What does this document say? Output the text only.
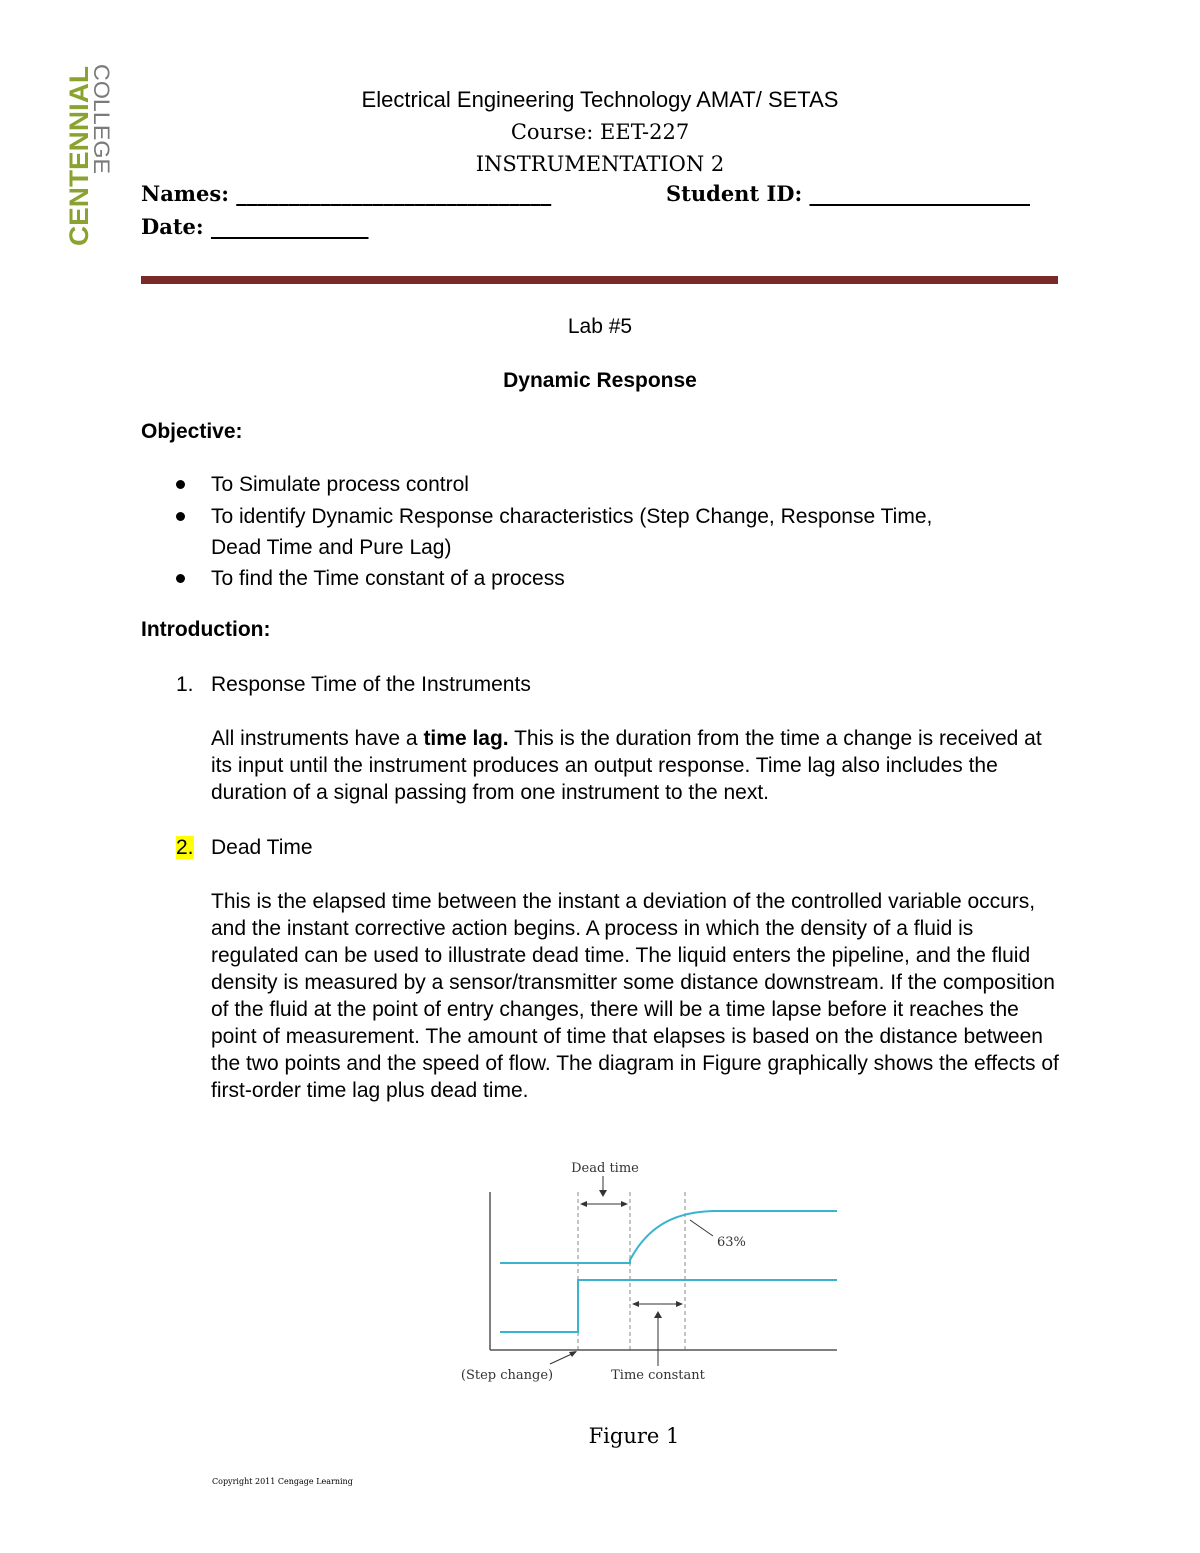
CENTENNIAL
COLLEGE	Electrical Engineering Technology AMAT/ SETAS
Course: EET-227
INSTRUMENTATION 2
Names: ______________________________	Student ID: _____________________
Date: _______________
Lab #5
Dynamic Response
Objective:
To Simulate process control
To identify Dynamic Response characteristics (Step Change, Response Time,
Dead Time and Pure Lag)
To find the Time constant of a process
Introduction:
1. Response Time of the Instruments
All instruments have a time lag. This is the duration from the time a change is received at its input until the instrument produces an output response. Time lag also includes the duration of a signal passing from one instrument to the next.
2. Dead Time
This is the elapsed time between the instant a deviation of the controlled variable occurs, and the instant corrective action begins. A process in which the density of a fluid is regulated can be used to illustrate dead time. The liquid enters the pipeline, and the fluid density is measured by a sensor/transmitter some distance downstream. If the composition of the fluid at the point of entry changes, there will be a time lapse before it reaches the point of measurement. The amount of time that elapses is based on the distance between the two points and the speed of flow. The diagram in Figure graphically shows the effects of first-order time lag plus dead time.
Dead time
63%
(Step change)	Time constant
Figure 1
Copyright 2011 Cengage Learning
